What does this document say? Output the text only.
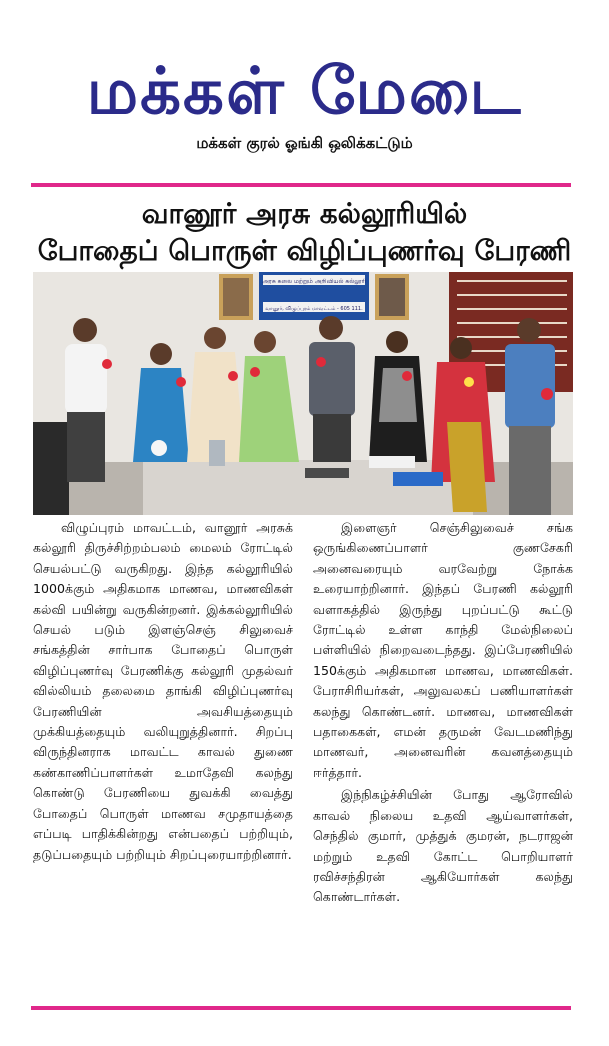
மக்கள் மேடை
மக்கள் குரல் ஓங்கி ஒலிக்கட்டும்
வானூர் அரசு கல்லூரியில்
போதைப் பொருள் விழிப்புணர்வு பேரணி
அரசு கலை மற்றும் அறிவியல் கல்லூரி
வானூர், விழுப்புரம் மாவட்டம் - 605 111.

விழுப்புரம் மாவட்டம், வானூர் அரசுக் கல்லூரி திருச்சிற்றம்பலம் மைலம் ரோட்டில் செயல்பட்டு வருகிறது. இந்த கல்லூரியில் 1000க்கும் அதிகமாக மாணவ, மாணவிகள் கல்வி பயின்று வருகின்றனர். இக்கல்லூரியில் செயல் படும் இளஞ்செஞ் சிலுவைச் சங்கத்தின் சார்பாக போதைப் பொருள் விழிப்புணர்வு பேரணிக்கு கல்லூரி முதல்வர் வில்லியம் தலைமை தாங்கி விழிப்புணர்வு பேரணியின் அவசியத்தையும் முக்கியத்தையும் வலியுறுத்தினார். சிறப்பு விருந்தினராக மாவட்ட காவல் துணை கண்காணிப்பாளர்கள் உமாதேவி கலந்து கொண்டு பேரணியை துவக்கி வைத்து போதைப் பொருள் மாணவ சமுதாயத்தை எப்படி பாதிக்கின்றது என்பதைப் பற்றியும், தடுப்பதையும் பற்றியும் சிறப்புரையாற்றினார்.

இளைஞர் செஞ்சிலுவைச் சங்க ஒருங்கிணைப்பாளர் குணசேகரி அனைவரையும் வரவேற்று நோக்க உரையாற்றினார். இந்தப் பேரணி கல்லூரி வளாகத்தில் இருந்து புறப்பட்டு கூட்டு ரோட்டில் உள்ள காந்தி மேல்நிலைப் பள்ளியில் நிறைவடைந்தது. இப்பேரணியில் 150க்கும் அதிகமான மாணவ, மாணவிகள். பேராசிரியர்கள், அலுவலகப் பணியாளர்கள் கலந்து கொண்டனர். மாணவ, மாணவிகள் பதாகைகள், எமன் தருமன் வேடமணிந்து மாணவர், அனைவரின் கவனத்தையும் ஈர்த்தார்.

இந்நிகழ்ச்சியின் போது ஆரோவில் காவல் நிலைய உதவி ஆய்வாளர்கள், செந்தில் குமார், முத்துக் குமரன், நடராஜன் மற்றும் உதவி கோட்ட பொறியாளர் ரவிச்சந்திரன் ஆகியோர்கள் கலந்து கொண்டார்கள்.
